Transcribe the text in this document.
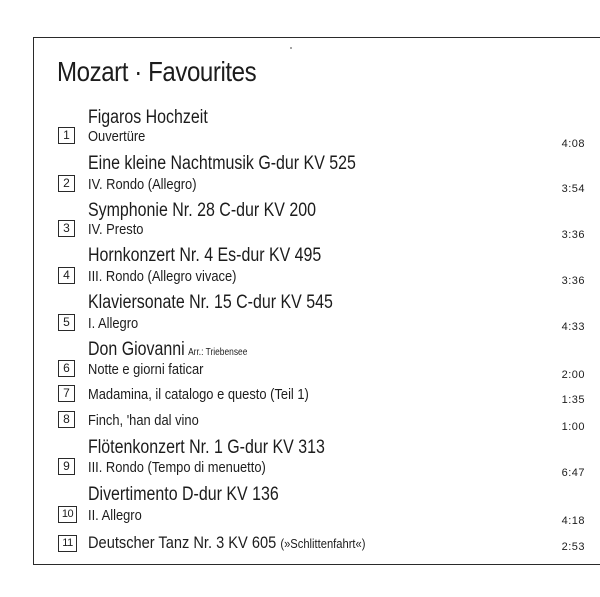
Mozart · Favourites
Figaros Hochzeit
1	Ouvertüre	4:08
Eine kleine Nachtmusik G-dur KV 525
2	IV. Rondo (Allegro)	3:54
Symphonie Nr. 28 C-dur KV 200
3	IV. Presto	3:36
Hornkonzert Nr. 4 Es-dur KV 495
4	III. Rondo (Allegro vivace)	3:36
Klaviersonate Nr. 15 C-dur KV 545
5	I. Allegro	4:33
Don Giovanni Arr.: Triebensee
6	Notte e giorni faticar	2:00
7	Madamina, il catalogo e questo (Teil 1)	1:35
8	Finch, 'han dal vino	1:00
Flötenkonzert Nr. 1 G-dur KV 313
9	III. Rondo (Tempo di menuetto)	6:47
Divertimento D-dur KV 136
10 II. Allegro	4:18
11 Deutscher Tanz Nr. 3 KV 605 (»Schlittenfahrt«)	2:53
